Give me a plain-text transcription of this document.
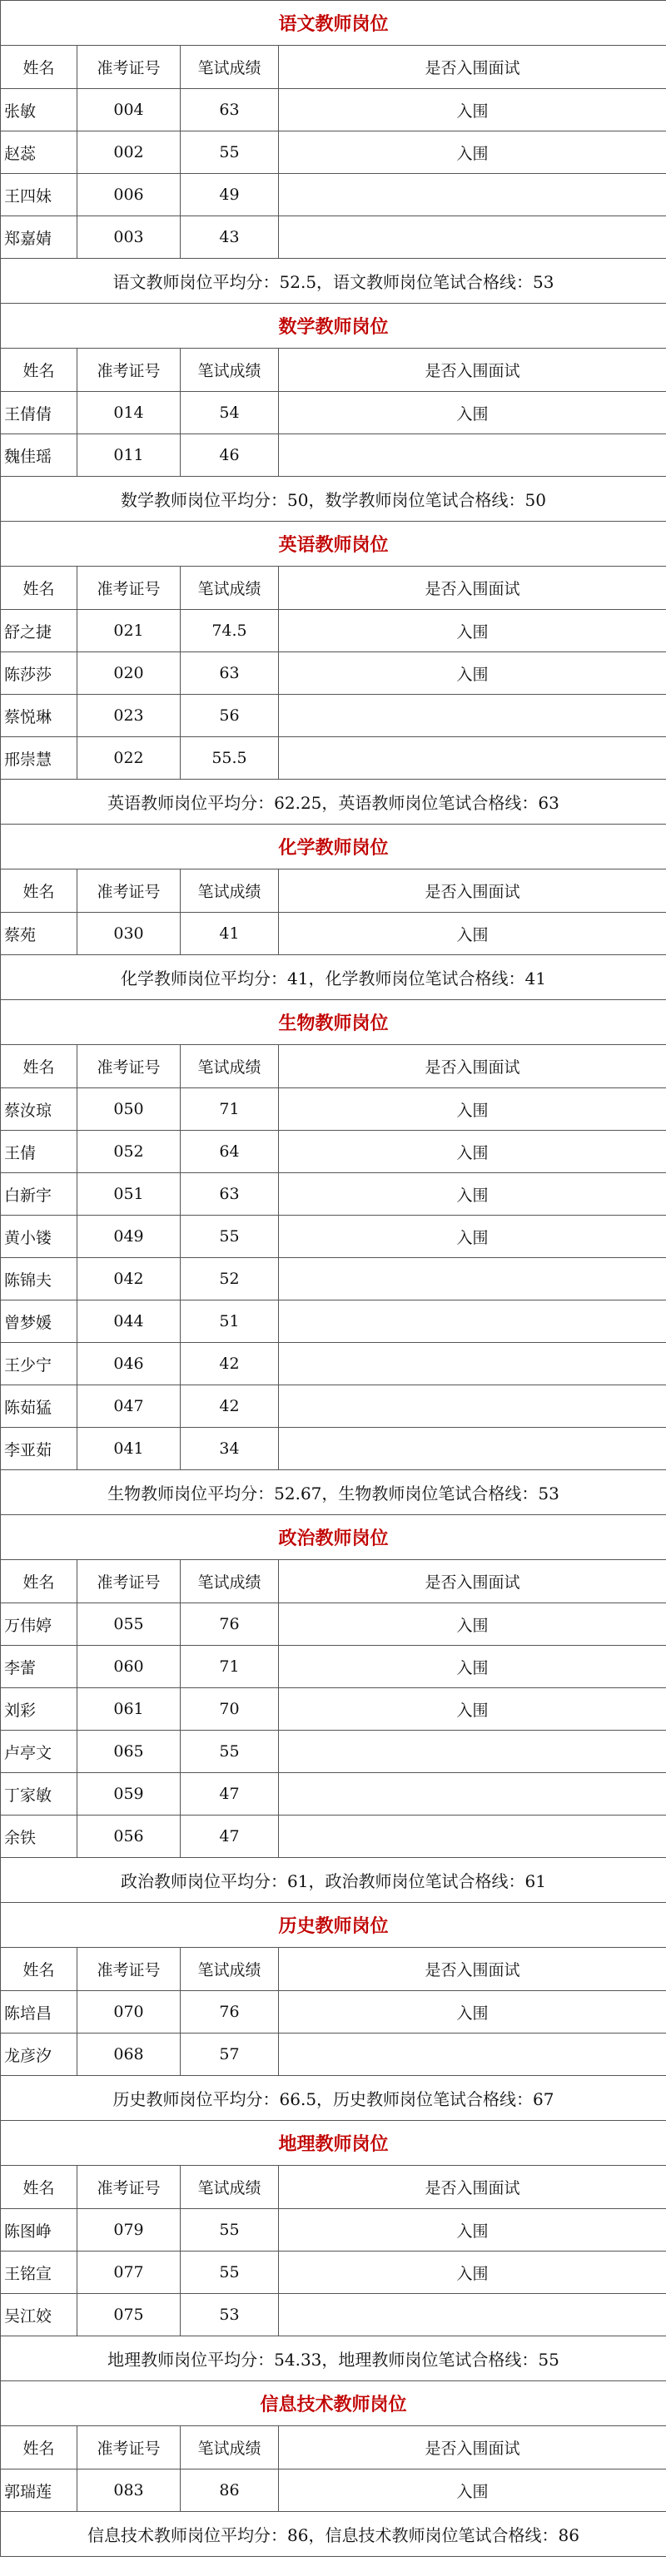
语文教师岗位			
姓名	准考证号	笔试成绩	是否入围面试
张敏	004	63	入围
赵蕊	002	55	入围
王四妹	006	49	
郑嘉婧	003	43	
语文教师岗位平均分：52.5，语文教师岗位笔试合格线：53			
数学教师岗位			
姓名	准考证号	笔试成绩	是否入围面试
王倩倩	014	54	入围
魏佳瑶	011	46	
数学教师岗位平均分：50，数学教师岗位笔试合格线：50			
英语教师岗位			
姓名	准考证号	笔试成绩	是否入围面试
舒之捷	021	74.5	入围
陈莎莎	020	63	入围
蔡悦琳	023	56	
邢崇慧	022	55.5	
英语教师岗位平均分：62.25，英语教师岗位笔试合格线：63			
化学教师岗位			
姓名	准考证号	笔试成绩	是否入围面试
蔡苑	030	41	入围
化学教师岗位平均分：41，化学教师岗位笔试合格线：41			
生物教师岗位			
姓名	准考证号	笔试成绩	是否入围面试
蔡汝琼	050	71	入围
王倩	052	64	入围
白新宇	051	63	入围
黄小镂	049	55	入围
陈锦夫	042	52	
曾梦媛	044	51	
王少宁	046	42	
陈茹猛	047	42	
李亚茹	041	34	
生物教师岗位平均分：52.67，生物教师岗位笔试合格线：53			
政治教师岗位			
姓名	准考证号	笔试成绩	是否入围面试
万伟婷	055	76	入围
李蕾	060	71	入围
刘彩	061	70	入围
卢亭文	065	55	
丁家敏	059	47	
余铁	056	47	
政治教师岗位平均分：61，政治教师岗位笔试合格线：61			
历史教师岗位			
姓名	准考证号	笔试成绩	是否入围面试
陈培昌	070	76	入围
龙彦汐	068	57	
历史教师岗位平均分：66.5，历史教师岗位笔试合格线：67			
地理教师岗位			
姓名	准考证号	笔试成绩	是否入围面试
陈图峥	079	55	入围
王铭宣	077	55	入围
吴江姣	075	53	
地理教师岗位平均分：54.33，地理教师岗位笔试合格线：55			
信息技术教师岗位			
姓名	准考证号	笔试成绩	是否入围面试
郭瑞莲	083	86	入围
信息技术教师岗位平均分：86，信息技术教师岗位笔试合格线：86			
